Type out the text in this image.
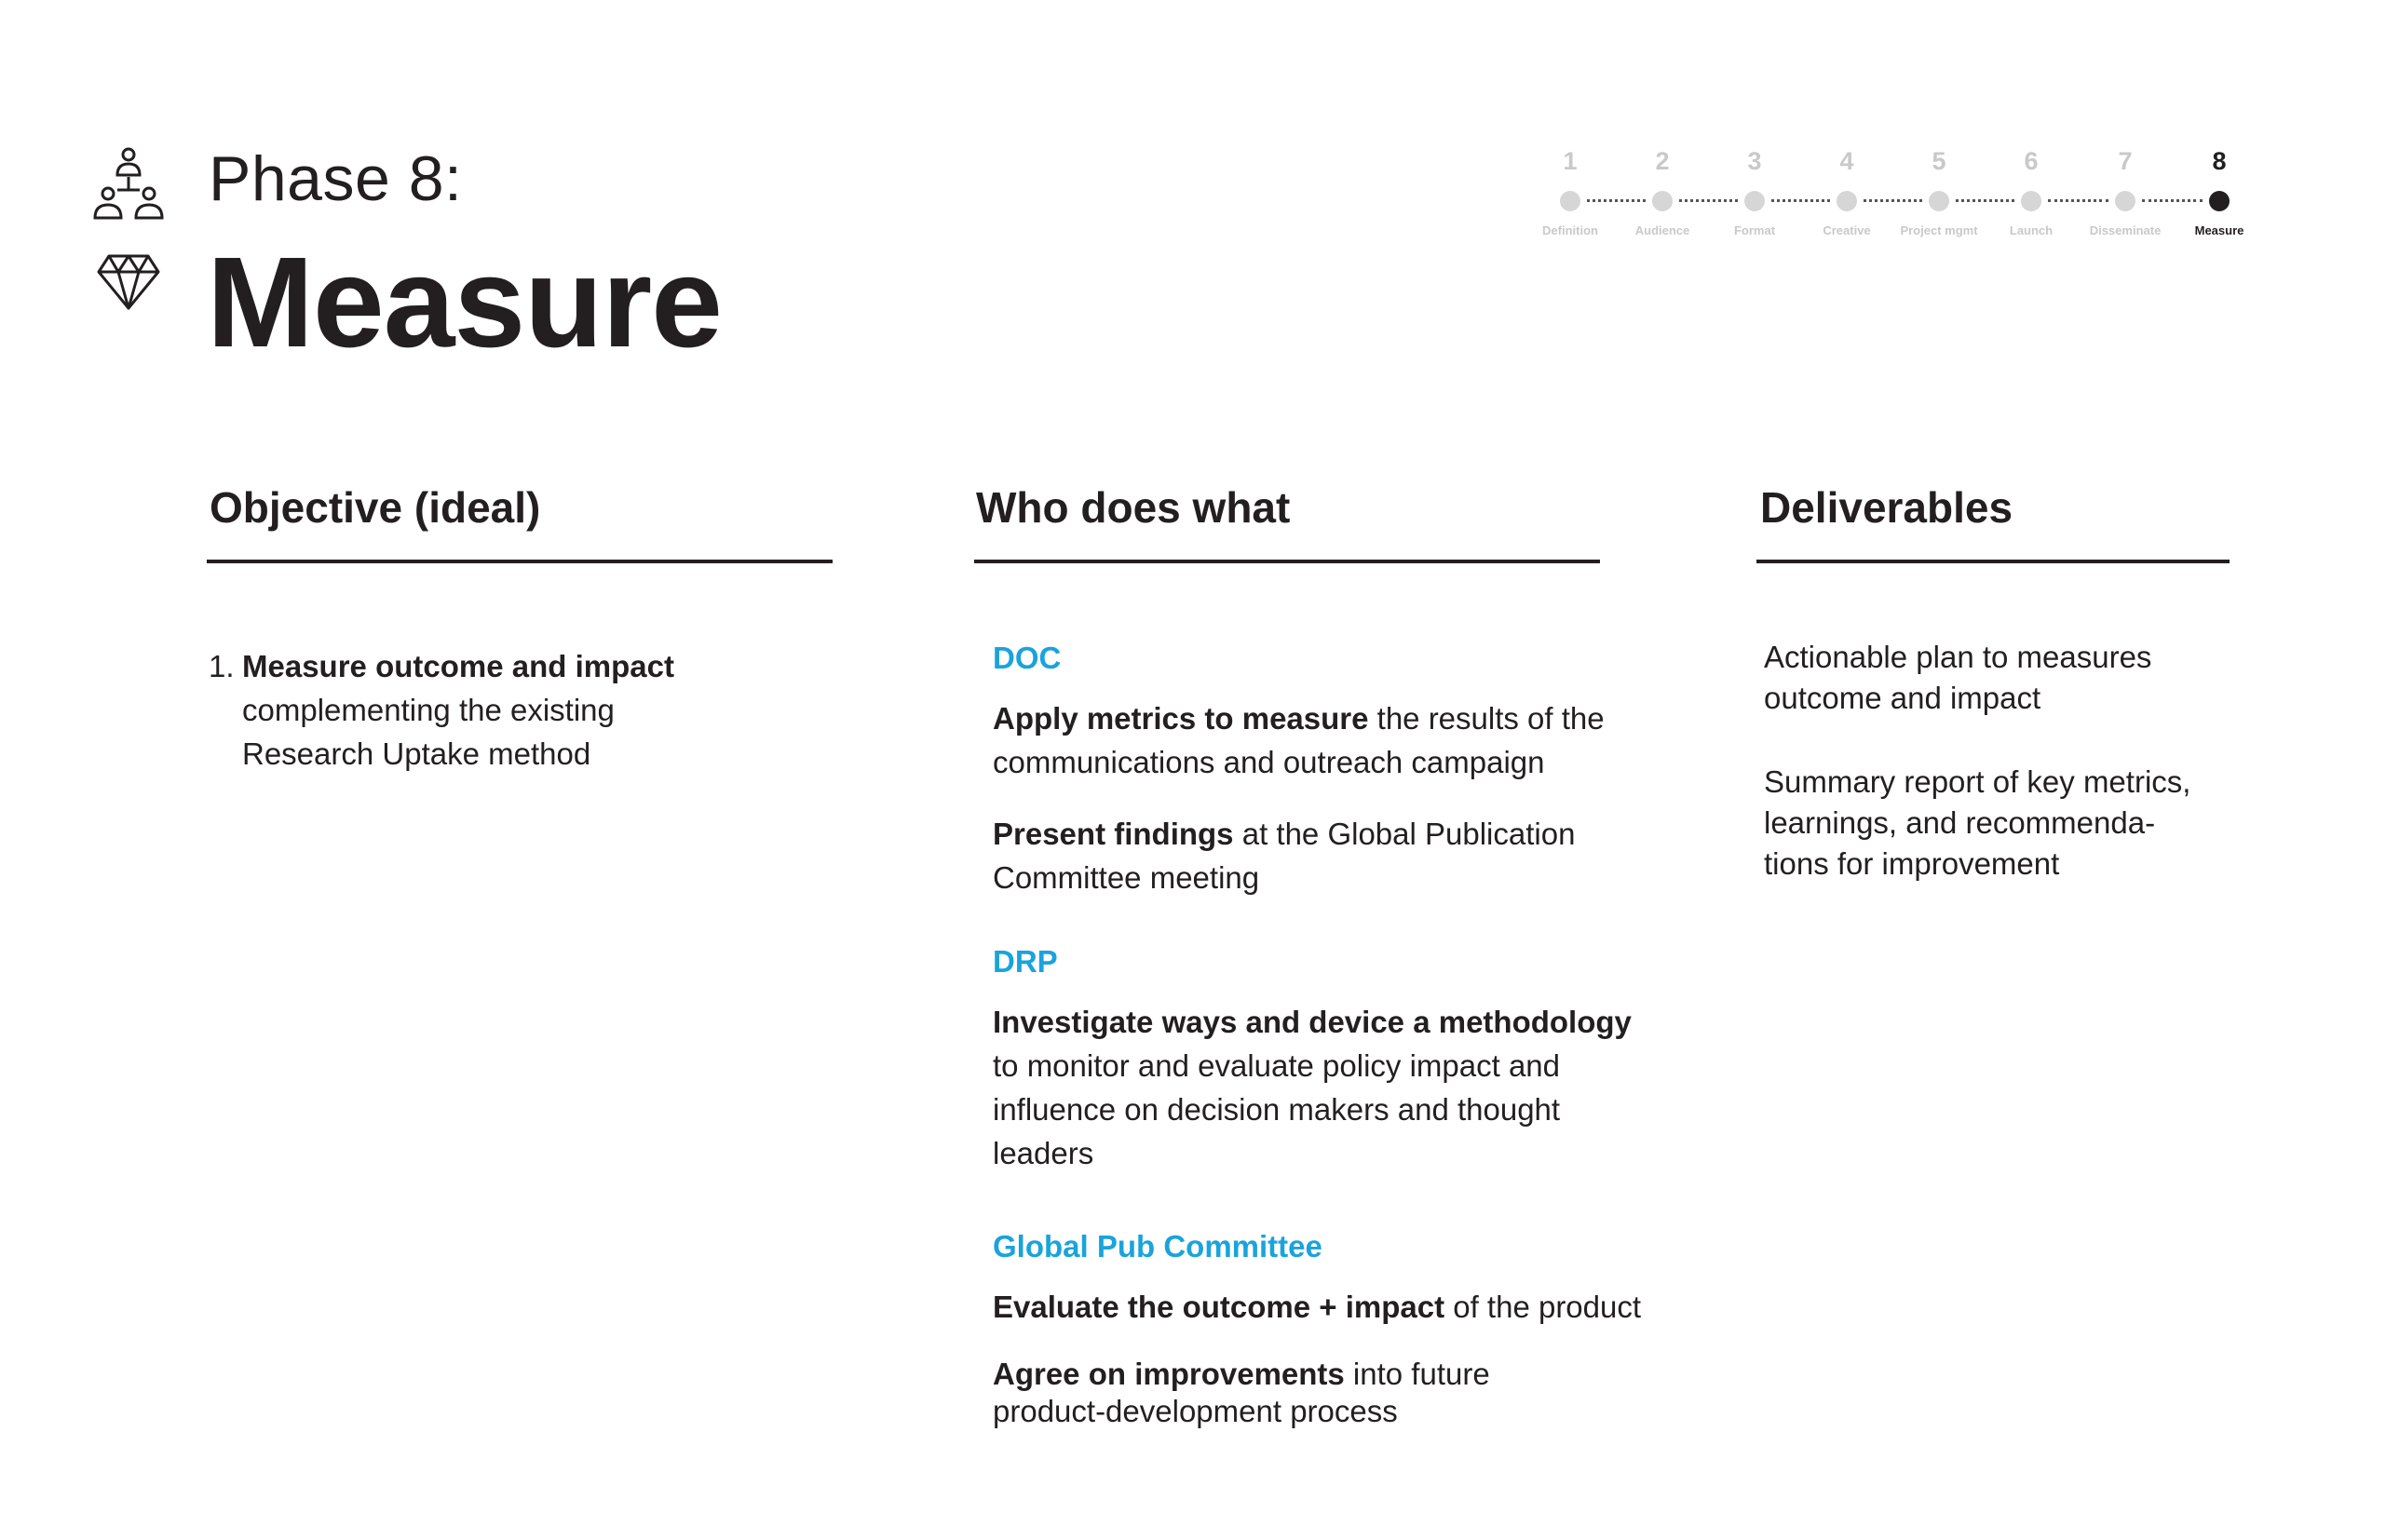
Phase 8:
Measure
1
Definition
2
Audience
3
Format
4
Creative
5
Project mgmt
6
Launch
7
Disseminate
8
Measure
Objective (ideal)
1. Measure outcome and impact
complementing the existing
Research Uptake method
Who does what
DOC
Apply metrics to measure the results of the
communications and outreach campaign
Present findings at the Global Publication
Committee meeting
DRP
Investigate ways and device a methodology
to monitor and evaluate policy impact and
influence on decision makers and thought
leaders
Global Pub Committee
Evaluate the outcome + impact of the product
Agree on improvements into future
product-development process
Deliverables
Actionable plan to measures
outcome and impact
Summary report of key metrics,
learnings, and recommenda-
tions for improvement
